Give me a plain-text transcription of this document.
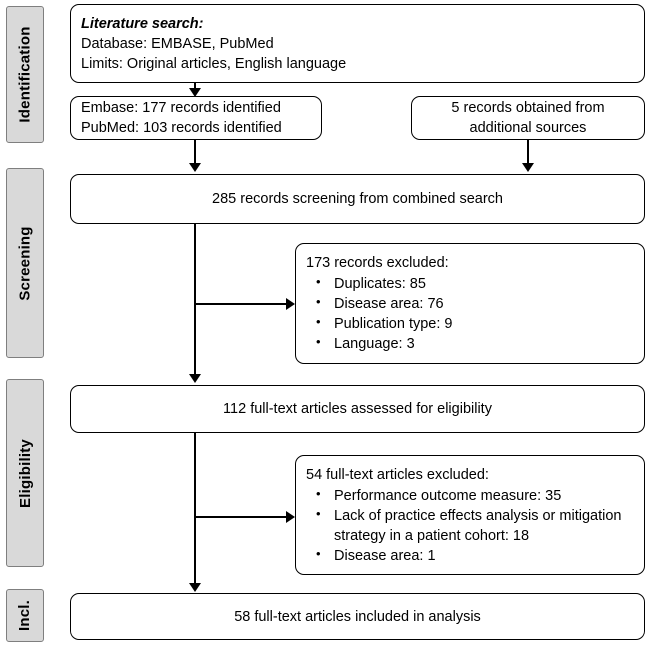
Identification
Screening
Eligibility
Incl.
Literature search:
Database: EMBASE, PubMed
Limits: Original articles, English language
Embase: 177 records identified
PubMed: 103 records identified
5 records obtained from
additional sources
285 records screening from combined search
173 records excluded:
• Duplicates: 85
• Disease area: 76
• Publication type: 9
• Language: 3
112 full-text articles assessed for eligibility
54 full-text articles excluded:
• Performance outcome measure: 35
• Lack of practice effects analysis or mitigation strategy in a patient cohort: 18
• Disease area: 1
58 full-text articles included in analysis
